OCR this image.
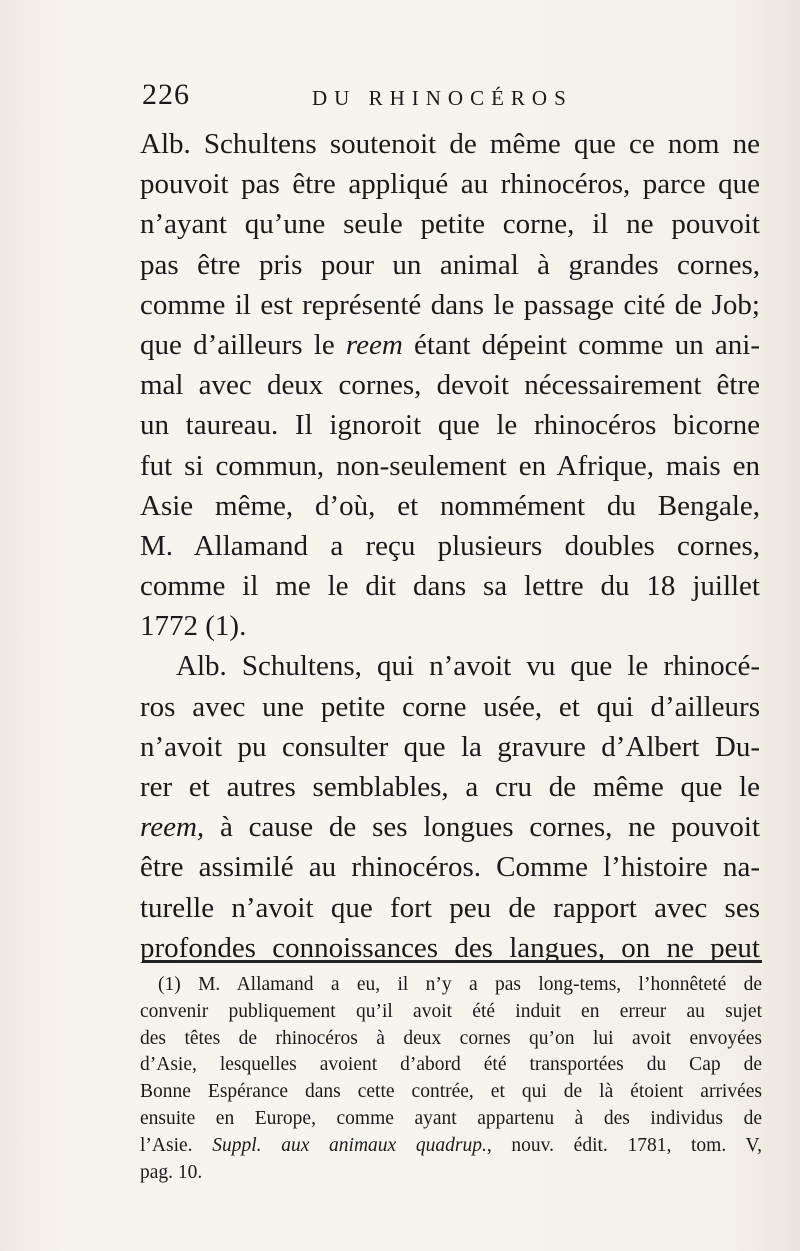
226	DU RHINOCÉROS
Alb. Schultens soutenoit de même que ce nom ne
pouvoit pas être appliqué au rhinocéros, parce que
n’ayant qu’une seule petite corne, il ne pouvoit
pas être pris pour un animal à grandes cornes,
comme il est représenté dans le passage cité de Job;
que d’ailleurs le reem étant dépeint comme un ani-
mal avec deux cornes, devoit nécessairement être
un taureau. Il ignoroit que le rhinocéros bicorne
fut si commun, non-seulement en Afrique, mais en
Asie même, d’où, et nommément du Bengale,
M. Allamand a reçu plusieurs doubles cornes,
comme il me le dit dans sa lettre du 18 juillet
1772 (1).
Alb. Schultens, qui n’avoit vu que le rhinocé-
ros avec une petite corne usée, et qui d’ailleurs
n’avoit pu consulter que la gravure d’Albert Du-
rer et autres semblables, a cru de même que le
reem, à cause de ses longues cornes, ne pouvoit
être assimilé au rhinocéros. Comme l’histoire na-
turelle n’avoit que fort peu de rapport avec ses
profondes connoissances des langues, on ne peut
(1) M. Allamand a eu, il n’y a pas long-tems, l’honnêteté de
convenir publiquement qu’il avoit été induit en erreur au sujet
des têtes de rhinocéros à deux cornes qu’on lui avoit envoyées
d’Asie, lesquelles avoient d’abord été transportées du Cap de
Bonne Espérance dans cette contrée, et qui de là étoient arrivées
ensuite en Europe, comme ayant appartenu à des individus de
l’Asie. Suppl. aux animaux quadrup., nouv. édit. 1781, tom. V,
pag. 10.
